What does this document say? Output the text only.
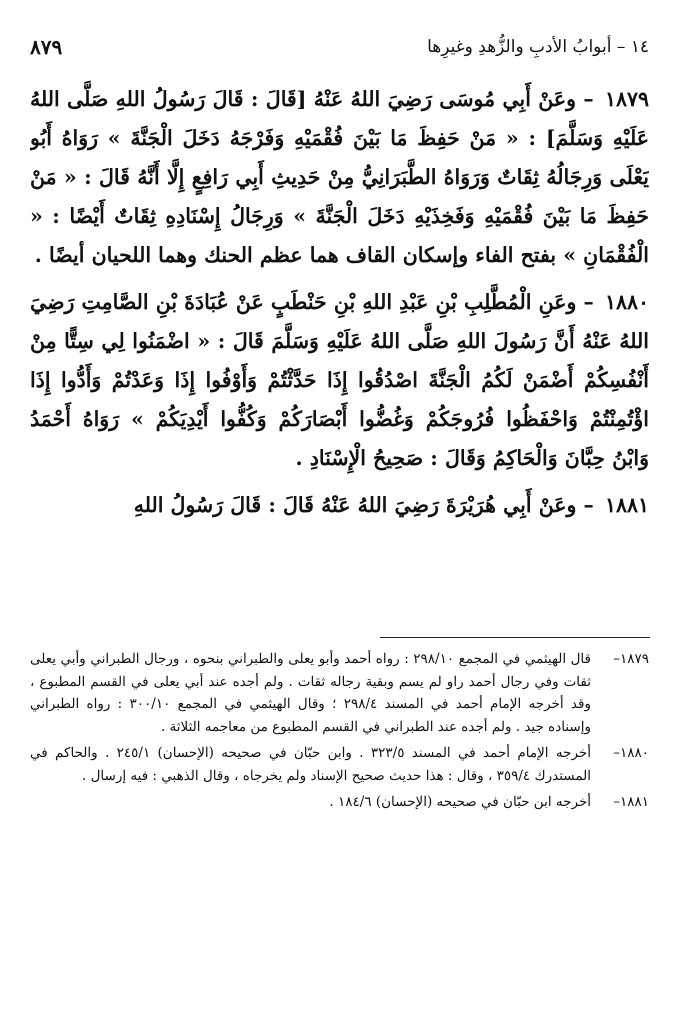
١٤ – أبوابُ الأدبِ والزُّهدِ وغيرِها
٨٧٩

١٨٧٩ – وعَنْ أَبِي مُوسَى رَضِيَ اللهُ عَنْهُ [قَالَ : قَالَ رَسُولُ اللهِ صَلَّى اللهُ عَلَيْهِ وَسَلَّمَ] : « مَنْ حَفِظَ مَا بَيْنَ فُقْمَيْهِ وَفَرْجَهُ دَخَلَ الْجَنَّةَ » رَوَاهُ أَبُو يَعْلَى وَرِجَالُهُ ثِقَاتٌ وَرَوَاهُ الطَّبَرَانِيُّ مِنْ حَدِيثِ أَبِي رَافِعٍ إِلَّا أَنَّهُ قَالَ : « مَنْ حَفِظَ مَا بَيْنَ فُقْمَيْهِ وَفَخِذَيْهِ دَخَلَ الْجَنَّةَ » وَرِجَالُ إِسْنَادِهِ ثِقَاتٌ أَيْضًا : « الْفُقْمَانِ » بفتح الفاء وإسكان القاف هما عظم الحنك وهما اللحيان أيضًا .

١٨٨٠ – وعَنِ الْمُطَّلِبِ بْنِ عَبْدِ اللهِ بْنِ حَنْطَبٍ عَنْ عُبَادَةَ بْنِ الصَّامِتِ رَضِيَ اللهُ عَنْهُ أَنَّ رَسُولَ اللهِ صَلَّى اللهُ عَلَيْهِ وَسَلَّمَ قَالَ : « اضْمَنُوا لِي سِتًّا مِنْ أَنْفُسِكُمْ أَضْمَنْ لَكُمُ الْجَنَّةَ اصْدُقُوا إِذَا حَدَّثْتُمْ وَأَوْفُوا إِذَا وَعَدْتُمْ وَأَدُّوا إِذَا اؤْتُمِنْتُمْ وَاحْفَظُوا فُرُوجَكُمْ وَغُضُّوا أَبْصَارَكُمْ وَكُفُّوا أَيْدِيَكُمْ » رَوَاهُ أَحْمَدُ وَابْنُ حِبَّانَ وَالْحَاكِمُ وَقَالَ : صَحِيحُ الْإِسْنَادِ .

١٨٨١ – وعَنْ أَبِي هُرَيْرَةَ رَضِيَ اللهُ عَنْهُ قَالَ : قَالَ رَسُولُ اللهِ

١٨٧٩–
قال الهيثمي في المجمع ٢٩٨/١٠ : رواه أحمد وأبو يعلى والطبراني بنحوه ، ورجال الطبراني وأبي يعلى ثقات وفي رجال أحمد راو لم يسم وبقية رجاله ثقات . ولم أجده عند أبي يعلى في القسم المطبوع ، وقد أخرجه الإمام أحمد في المسند ٢٩٨/٤ ؛ وقال الهيثمي في المجمع ٣٠٠/١٠ : رواه الطبراني وإسناده جيد . ولم أجده عند الطبراني في القسم المطبوع من معاجمه الثلاثة .
١٨٨٠–
أخرجه الإمام أحمد في المسند ٣٢٣/٥ . وابن حبّان في صحيحه (الإحسان) ٢٤٥/١ . والحاكم في المستدرك ٣٥٩/٤ ، وقال : هذا حديث صحيح الإسناد ولم يخرجاه ، وقال الذهبي : فيه إرسال .
١٨٨١–
أخرجه ابن حبّان في صحيحه (الإحسان) ١٨٤/٦ .
